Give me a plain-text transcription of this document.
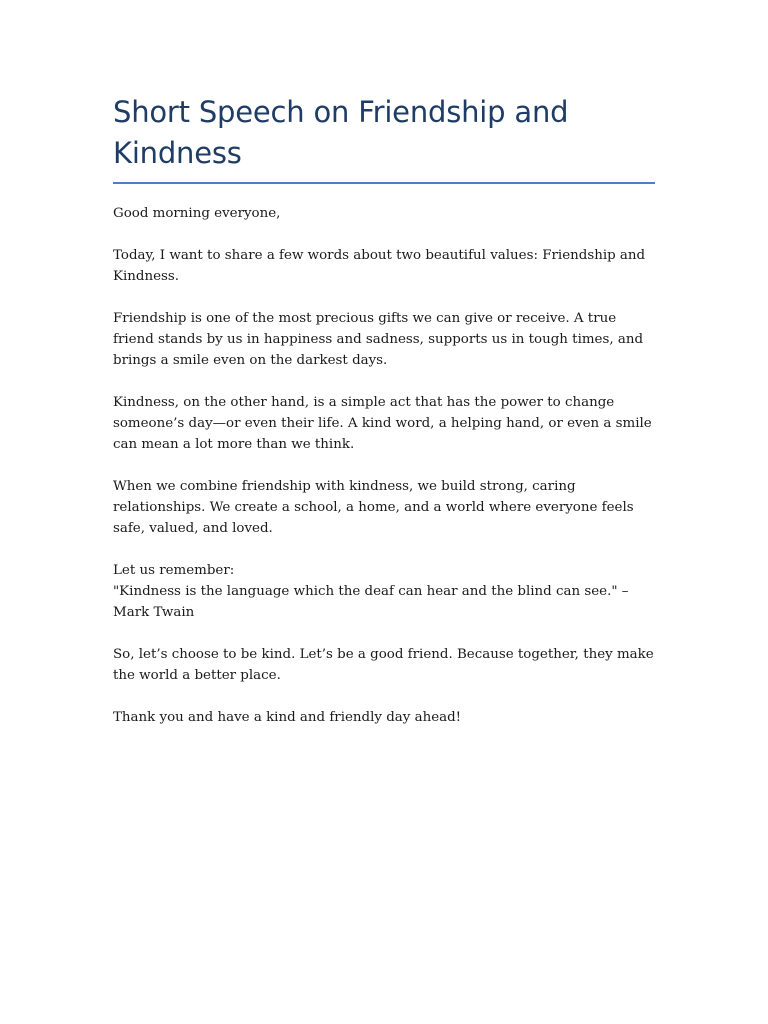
Short Speech on Friendship and Kindness

Good morning everyone,

Today, I want to share a few words about two beautiful values: Friendship and Kindness.

Friendship is one of the most precious gifts we can give or receive. A true friend stands by us in happiness and sadness, supports us in tough times, and brings a smile even on the darkest days.

Kindness, on the other hand, is a simple act that has the power to change someone’s day—or even their life. A kind word, a helping hand, or even a smile can mean a lot more than we think.

When we combine friendship with kindness, we build strong, caring relationships. We create a school, a home, and a world where everyone feels safe, valued, and loved.

Let us remember:
"Kindness is the language which the deaf can hear and the blind can see." – Mark Twain

So, let’s choose to be kind. Let’s be a good friend. Because together, they make the world a better place.

Thank you and have a kind and friendly day ahead!
